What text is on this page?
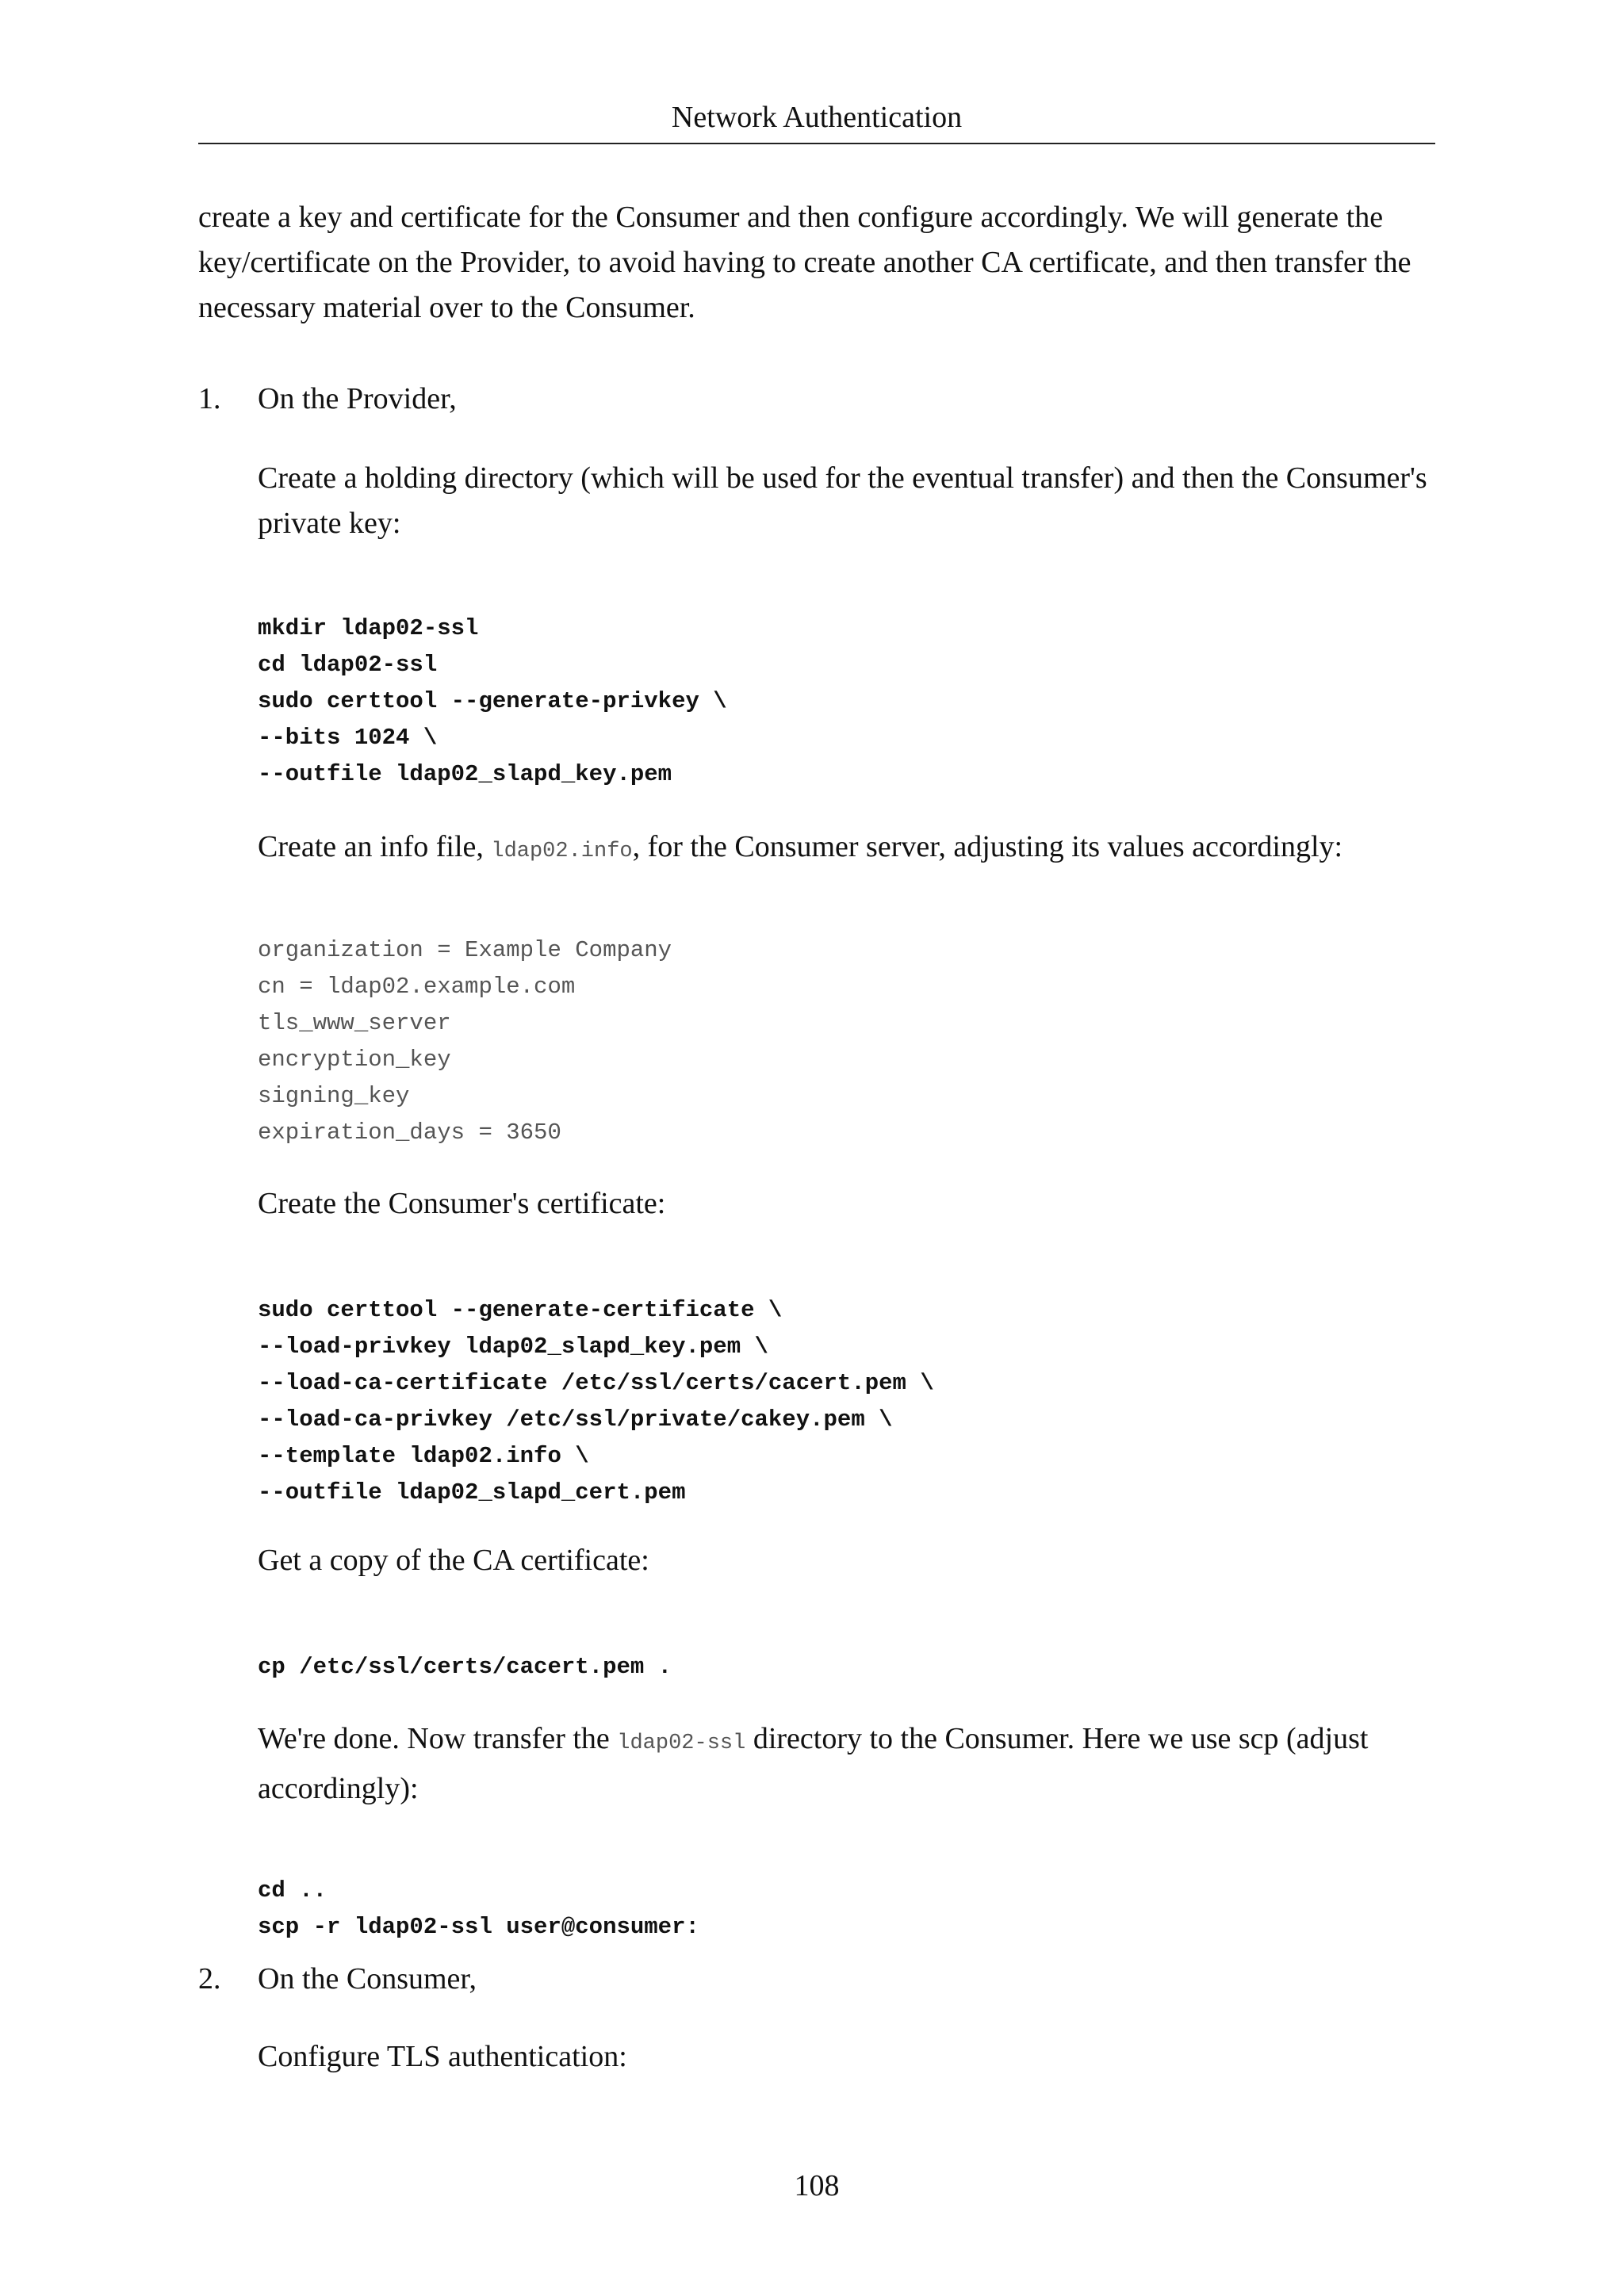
Network Authentication

create a key and certificate for the Consumer and then configure accordingly. We will generate the key/certificate on the Provider, to avoid having to create another CA certificate, and then transfer the necessary material over to the Consumer.

1. On the Provider,

Create a holding directory (which will be used for the eventual transfer) and then the Consumer's private key:

mkdir ldap02-ssl
cd ldap02-ssl
sudo certtool --generate-privkey \
--bits 1024 \
--outfile ldap02_slapd_key.pem

Create an info file, ldap02.info, for the Consumer server, adjusting its values accordingly:

organization = Example Company
cn = ldap02.example.com
tls_www_server
encryption_key
signing_key
expiration_days = 3650

Create the Consumer's certificate:

sudo certtool --generate-certificate \
--load-privkey ldap02_slapd_key.pem \
--load-ca-certificate /etc/ssl/certs/cacert.pem \
--load-ca-privkey /etc/ssl/private/cakey.pem \
--template ldap02.info \
--outfile ldap02_slapd_cert.pem

Get a copy of the CA certificate:

cp /etc/ssl/certs/cacert.pem .

We're done. Now transfer the ldap02-ssl directory to the Consumer. Here we use scp (adjust accordingly):

cd ..
scp -r ldap02-ssl user@consumer:
2. On the Consumer,

Configure TLS authentication:

108
